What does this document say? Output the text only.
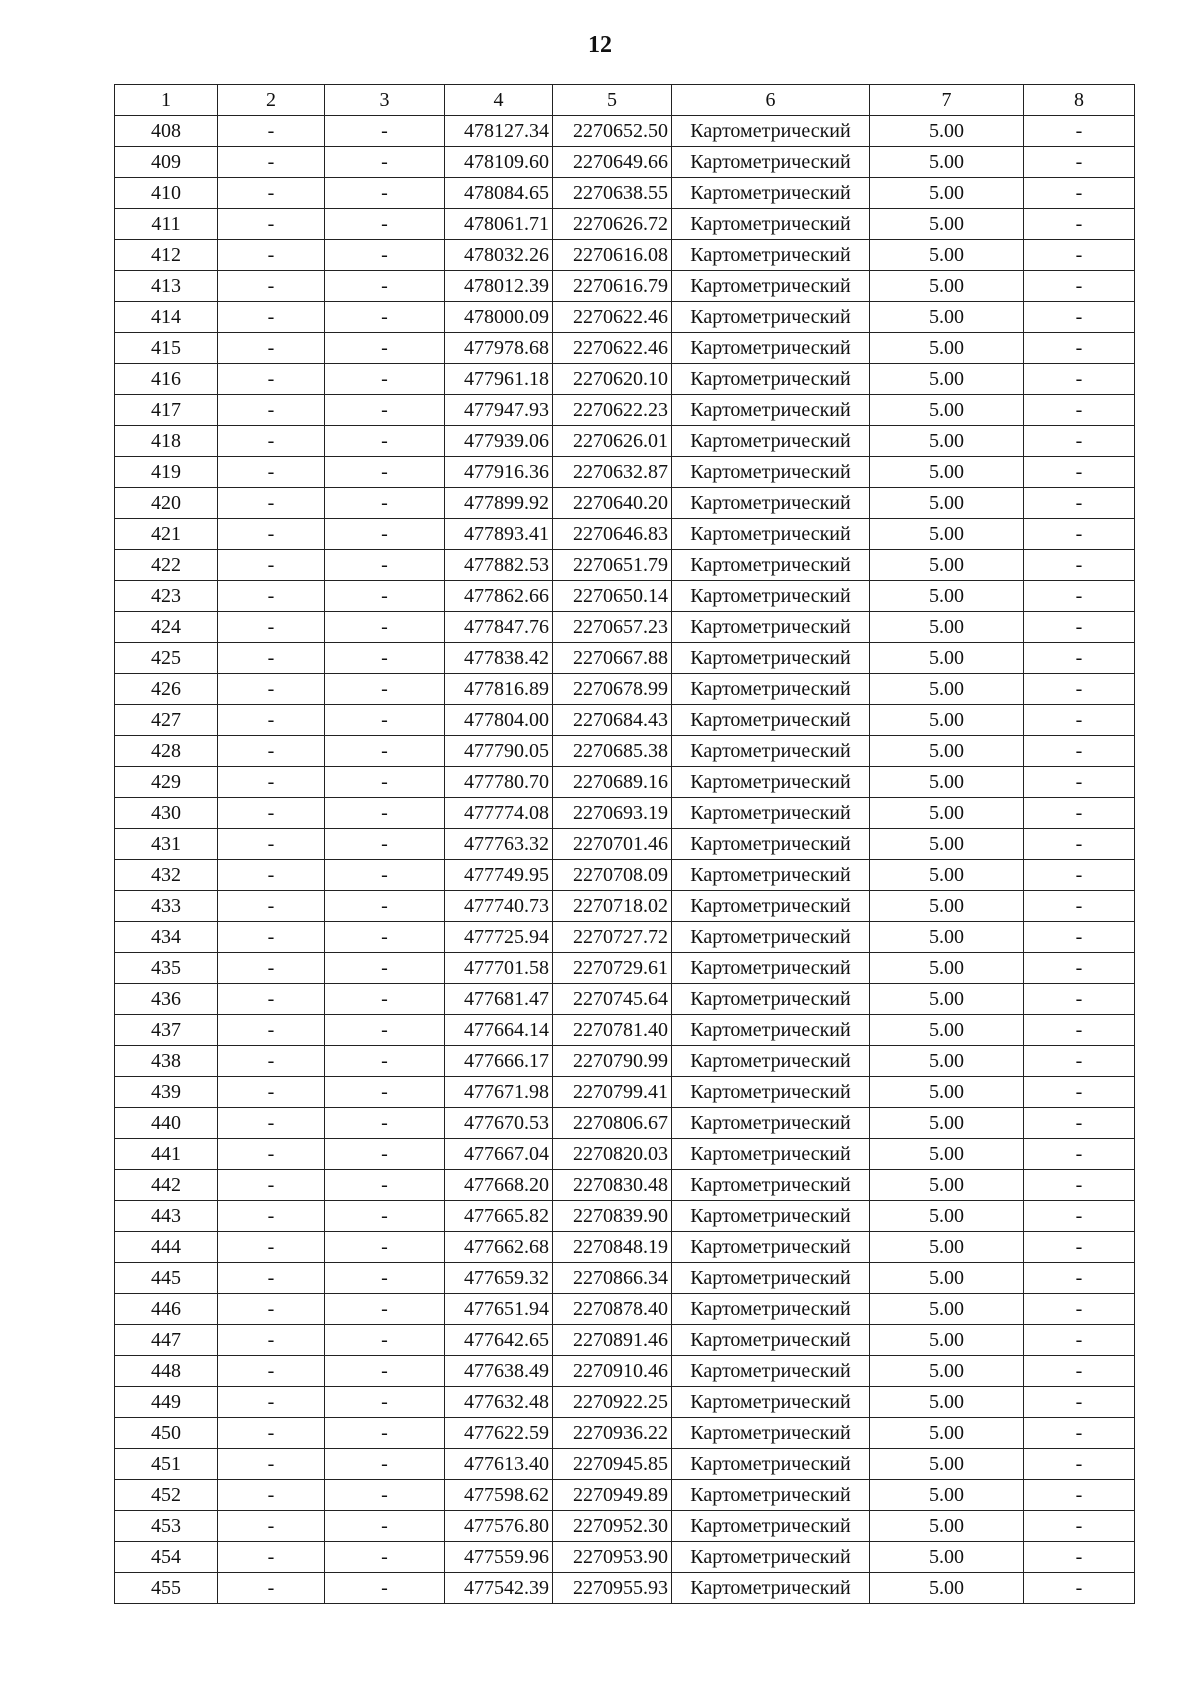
12
1	2	3	4	5	6	7	8
408	-	-	478127.34	2270652.50	Картометрический	5.00	-
409	-	-	478109.60	2270649.66	Картометрический	5.00	-
410	-	-	478084.65	2270638.55	Картометрический	5.00	-
411	-	-	478061.71	2270626.72	Картометрический	5.00	-
412	-	-	478032.26	2270616.08	Картометрический	5.00	-
413	-	-	478012.39	2270616.79	Картометрический	5.00	-
414	-	-	478000.09	2270622.46	Картометрический	5.00	-
415	-	-	477978.68	2270622.46	Картометрический	5.00	-
416	-	-	477961.18	2270620.10	Картометрический	5.00	-
417	-	-	477947.93	2270622.23	Картометрический	5.00	-
418	-	-	477939.06	2270626.01	Картометрический	5.00	-
419	-	-	477916.36	2270632.87	Картометрический	5.00	-
420	-	-	477899.92	2270640.20	Картометрический	5.00	-
421	-	-	477893.41	2270646.83	Картометрический	5.00	-
422	-	-	477882.53	2270651.79	Картометрический	5.00	-
423	-	-	477862.66	2270650.14	Картометрический	5.00	-
424	-	-	477847.76	2270657.23	Картометрический	5.00	-
425	-	-	477838.42	2270667.88	Картометрический	5.00	-
426	-	-	477816.89	2270678.99	Картометрический	5.00	-
427	-	-	477804.00	2270684.43	Картометрический	5.00	-
428	-	-	477790.05	2270685.38	Картометрический	5.00	-
429	-	-	477780.70	2270689.16	Картометрический	5.00	-
430	-	-	477774.08	2270693.19	Картометрический	5.00	-
431	-	-	477763.32	2270701.46	Картометрический	5.00	-
432	-	-	477749.95	2270708.09	Картометрический	5.00	-
433	-	-	477740.73	2270718.02	Картометрический	5.00	-
434	-	-	477725.94	2270727.72	Картометрический	5.00	-
435	-	-	477701.58	2270729.61	Картометрический	5.00	-
436	-	-	477681.47	2270745.64	Картометрический	5.00	-
437	-	-	477664.14	2270781.40	Картометрический	5.00	-
438	-	-	477666.17	2270790.99	Картометрический	5.00	-
439	-	-	477671.98	2270799.41	Картометрический	5.00	-
440	-	-	477670.53	2270806.67	Картометрический	5.00	-
441	-	-	477667.04	2270820.03	Картометрический	5.00	-
442	-	-	477668.20	2270830.48	Картометрический	5.00	-
443	-	-	477665.82	2270839.90	Картометрический	5.00	-
444	-	-	477662.68	2270848.19	Картометрический	5.00	-
445	-	-	477659.32	2270866.34	Картометрический	5.00	-
446	-	-	477651.94	2270878.40	Картометрический	5.00	-
447	-	-	477642.65	2270891.46	Картометрический	5.00	-
448	-	-	477638.49	2270910.46	Картометрический	5.00	-
449	-	-	477632.48	2270922.25	Картометрический	5.00	-
450	-	-	477622.59	2270936.22	Картометрический	5.00	-
451	-	-	477613.40	2270945.85	Картометрический	5.00	-
452	-	-	477598.62	2270949.89	Картометрический	5.00	-
453	-	-	477576.80	2270952.30	Картометрический	5.00	-
454	-	-	477559.96	2270953.90	Картометрический	5.00	-
455	-	-	477542.39	2270955.93	Картометрический	5.00	-
